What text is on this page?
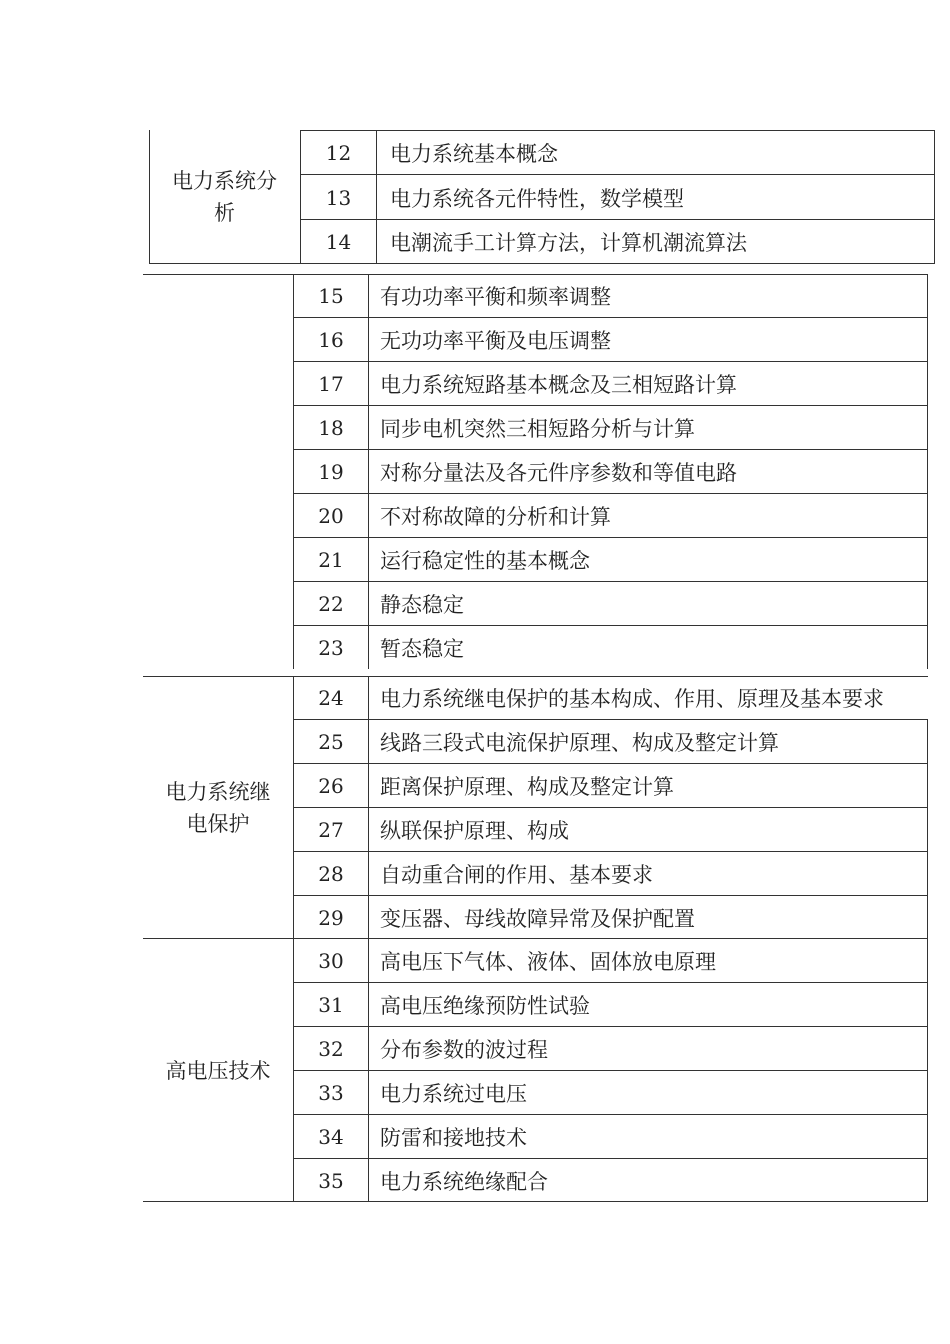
电力系统分析
12	电力系统基本概念
13	电力系统各元件特性，数学模型
14	电潮流手工计算方法，计算机潮流算法
15	有功功率平衡和频率调整
16	无功功率平衡及电压调整
17	电力系统短路基本概念及三相短路计算
18	同步电机突然三相短路分析与计算
19	对称分量法及各元件序参数和等值电路
20	不对称故障的分析和计算
21	运行稳定性的基本概念
22	静态稳定
23	暂态稳定
电力系统继电保护
24	电力系统继电保护的基本构成、作用、原理及基本要求
25	线路三段式电流保护原理、构成及整定计算
26	距离保护原理、构成及整定计算
27	纵联保护原理、构成
28	自动重合闸的作用、基本要求
29	变压器、母线故障异常及保护配置
高电压技术
30	高电压下气体、液体、固体放电原理
31	高电压绝缘预防性试验
32	分布参数的波过程
33	电力系统过电压
34	防雷和接地技术
35	电力系统绝缘配合
